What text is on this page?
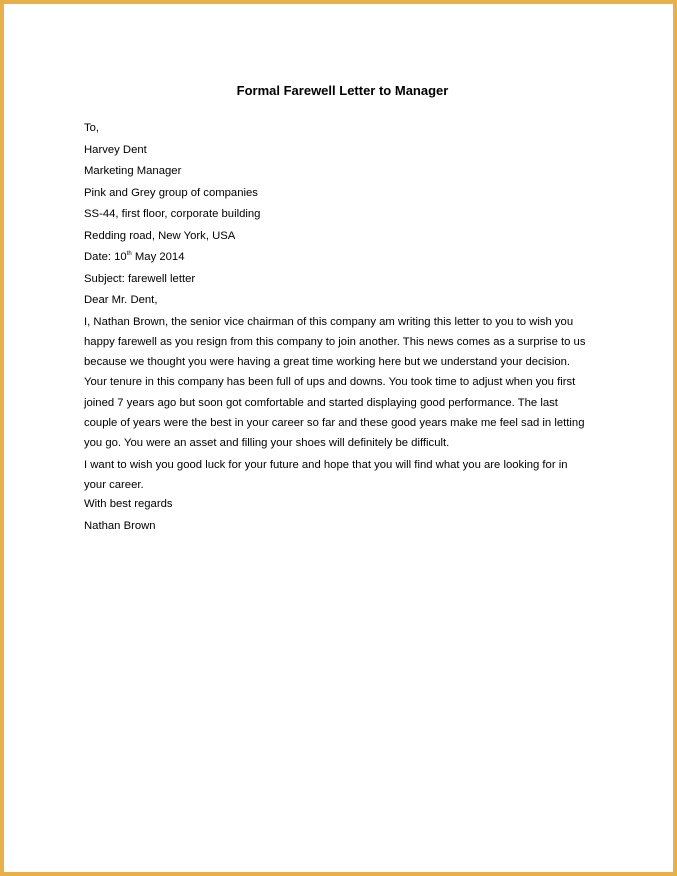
Formal Farewell Letter to Manager
To,
Harvey Dent
Marketing Manager
Pink and Grey group of companies
SS-44, first floor, corporate building
Redding road, New York, USA
Date: 10th May 2014
Subject: farewell letter
Dear Mr. Dent,
I, Nathan Brown, the senior vice chairman of this company am writing this letter to you to wish you
happy farewell as you resign from this company to join another. This news comes as a surprise to us
because we thought you were having a great time working here but we understand your decision.
Your tenure in this company has been full of ups and downs. You took time to adjust when you first
joined 7 years ago but soon got comfortable and started displaying good performance. The last
couple of years were the best in your career so far and these good years make me feel sad in letting
you go. You were an asset and filling your shoes will definitely be difficult.
I want to wish you good luck for your future and hope that you will find what you are looking for in
your career.
With best regards
Nathan Brown
